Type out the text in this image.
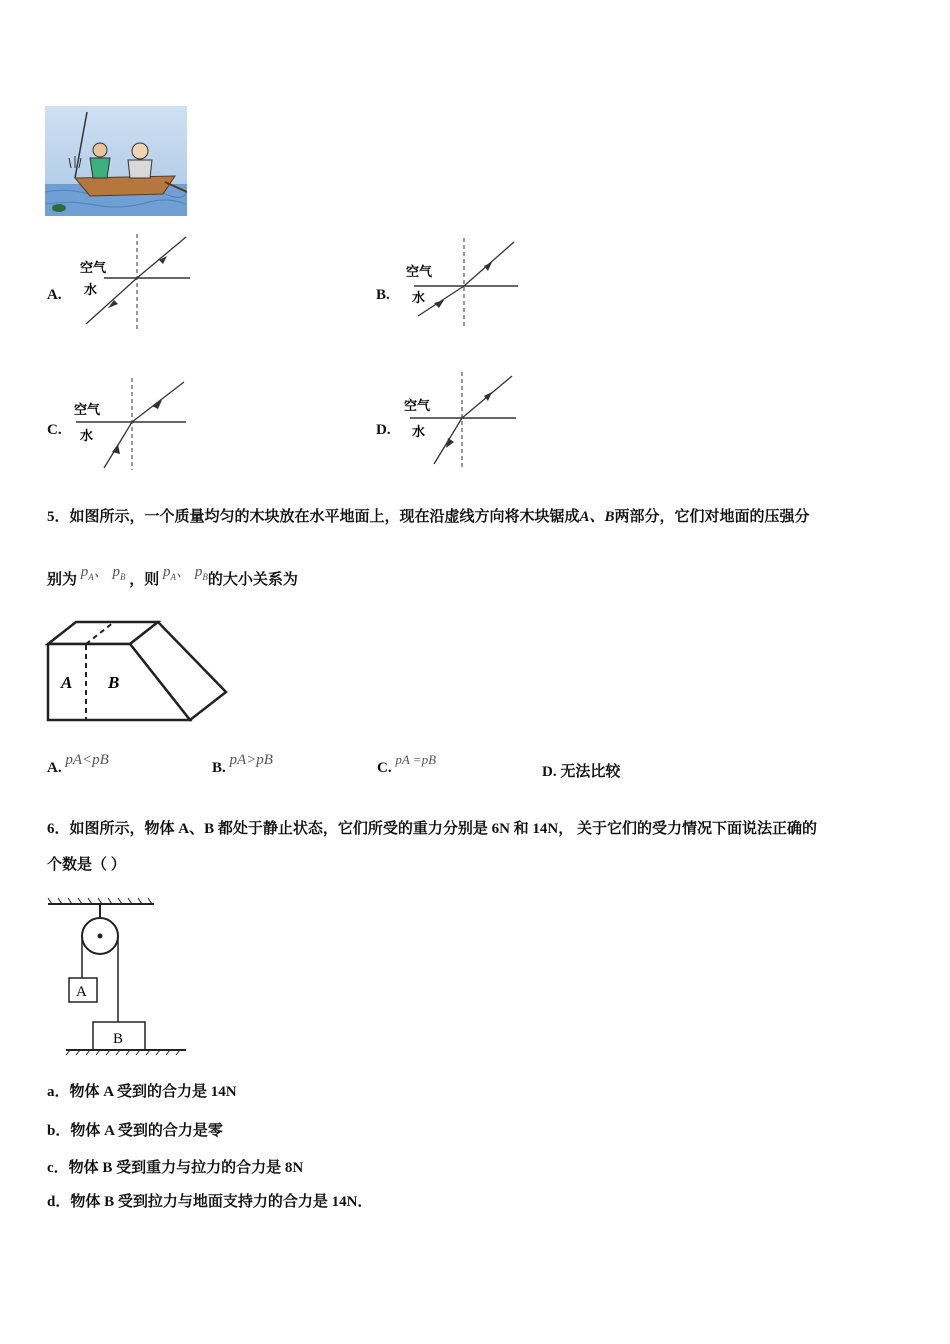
A.
空气
水	B.
空气
水
C.
空气
水	D.
空气
水
5．如图所示，一个质量均匀的木块放在水平地面上，现在沿虚线方向将木块锯成A、B两部分，它们对地面的压强分
别为 $p_A$、 $p_B$ ，则 $p_A$、 $p_B$的大小关系为
A B
A. pA<pB	B. pA>pB	C. pA =pB
D. 无法比较
6．如图所示，物体 A、B 都处于静止状态，它们所受的重力分别是 6N 和 14N， 关于它们的受力情况下面说法正确的
个数是（ ）
A
B
a．物体 A 受到的合力是 14N
b．物体 A 受到的合力是零
c．物体 B 受到重力与拉力的合力是 8N
d．物体 B 受到拉力与地面支持力的合力是 14N．
